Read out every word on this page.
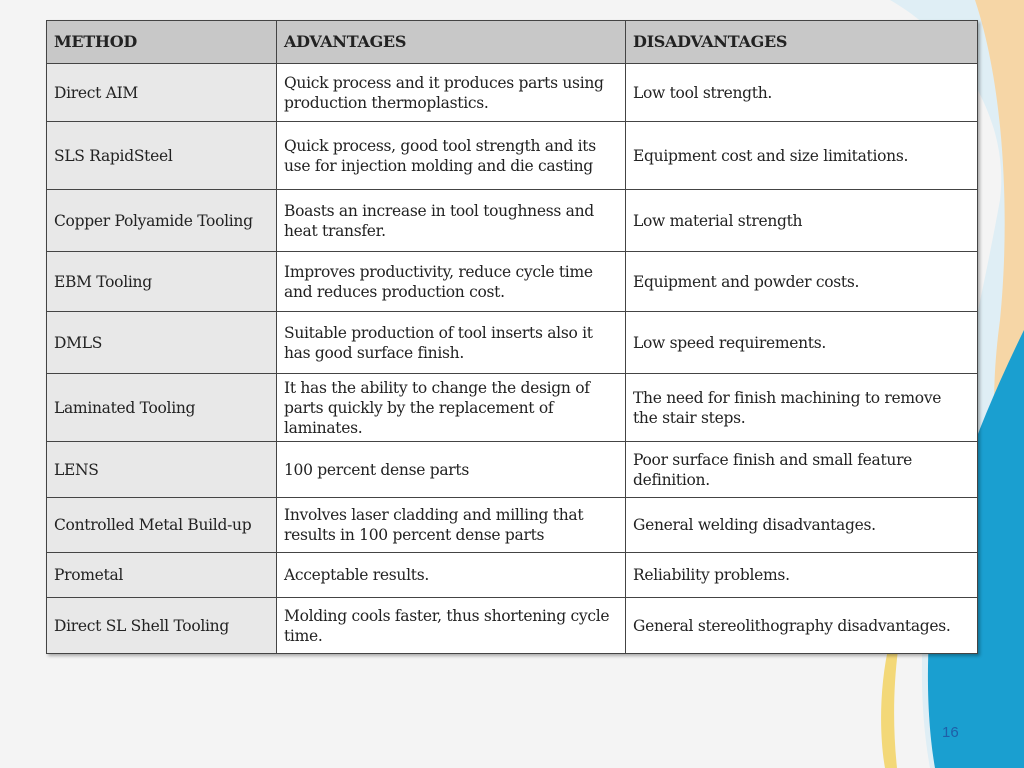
METHOD	ADVANTAGES	DISADVANTAGES
Direct AIM	Quick process and it produces parts using production thermoplastics.	Low tool strength.
SLS RapidSteel	Quick process, good tool strength and its use for injection molding and die casting	Equipment cost and size limitations.
Copper Polyamide Tooling	Boasts an increase in tool toughness and heat transfer.	Low material strength
EBM Tooling	Improves productivity, reduce cycle time and reduces production cost.	Equipment and powder costs.
DMLS	Suitable production of tool inserts also it has good surface finish.	Low speed requirements.
Laminated Tooling	It has the ability to change the design of parts quickly by the replacement of laminates.	The need for finish machining to remove the stair steps.
LENS	100 percent dense parts	Poor surface finish and small feature definition.
Controlled Metal Build-up	Involves laser cladding and milling that results in 100 percent dense parts	General welding disadvantages.
Prometal	Acceptable results.	Reliability problems.
Direct SL Shell Tooling	Molding cools faster, thus shortening cycle time.	General stereolithography disadvantages.
16
